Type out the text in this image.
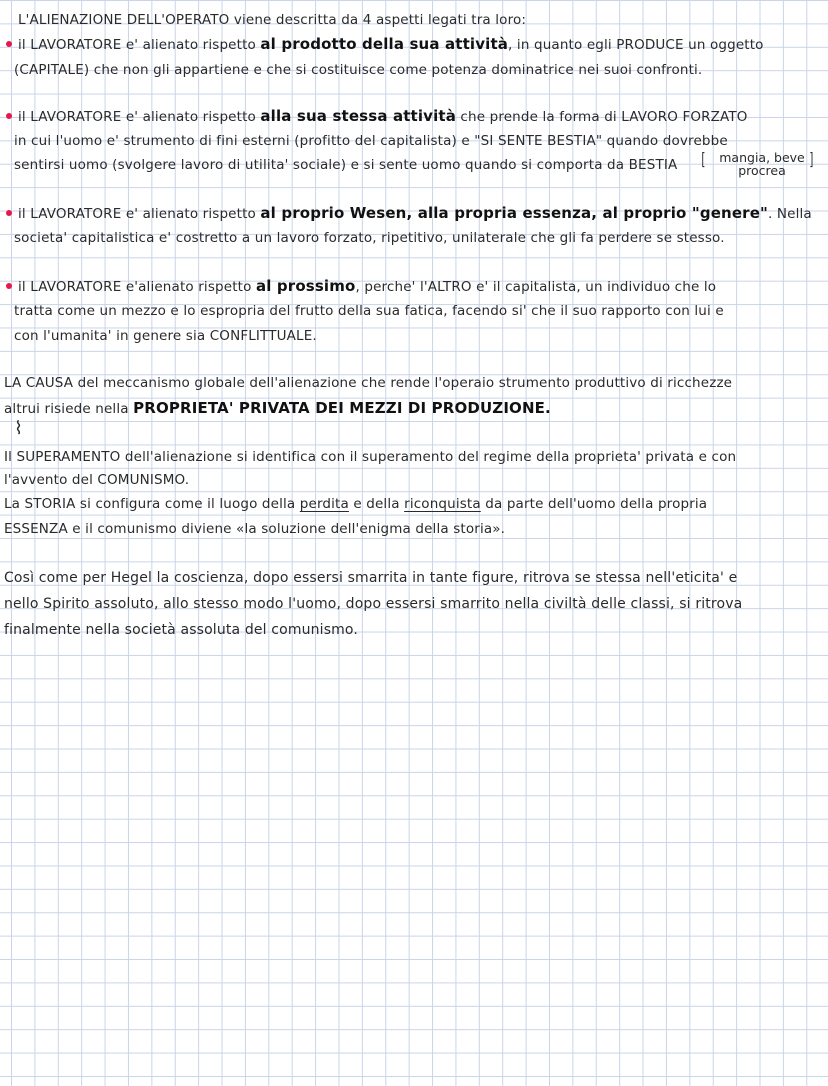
L'ALIENAZIONE DELL'OPERATO viene descritta da 4 aspetti legati tra loro:
il LAVORATORE e' alienato rispetto al prodotto della sua attività, in quanto egli PRODUCE un oggetto
(CAPITALE) che non gli appartiene e che si costituisce come potenza dominatrice nei suoi confronti.
il LAVORATORE e' alienato rispetto alla sua stessa attività che prende la forma di LAVORO FORZATO
in cui l'uomo e' strumento di fini esterni (profitto del capitalista) e "SI SENTE BESTIA" quando dovrebbe
sentirsi uomo (svolgere lavoro di utilita' sociale) e si sente uomo quando si comporta da BESTIA [	mangia, beve
procrea
]
il LAVORATORE e' alienato rispetto al proprio Wesen, alla propria essenza, al proprio "genere". Nella
societa' capitalistica e' costretto a un lavoro forzato, ripetitivo, unilaterale che gli fa perdere se stesso.
il LAVORATORE e'alienato rispetto al prossimo, perche' l'ALTRO e' il capitalista, un individuo che lo
tratta come un mezzo e lo espropria del frutto della sua fatica, facendo si' che il suo rapporto con lui e
con l'umanita' in genere sia CONFLITTUALE.
LA CAUSA del meccanismo globale dell'alienazione che rende l'operaio strumento produttivo di ricchezze
altrui risiede nella PROPRIETA' PRIVATA DEI MEZZI DI PRODUZIONE.
⌇
Il SUPERAMENTO dell'alienazione si identifica con il superamento del regime della proprieta' privata e con
l'avvento del COMUNISMO.
La STORIA si configura come il luogo della perdita e della riconquista da parte dell'uomo della propria
ESSENZA e il comunismo diviene «la soluzione dell'enigma della storia».
Così come per Hegel la coscienza, dopo essersi smarrita in tante figure, ritrova se stessa nell'eticita' e
nello Spirito assoluto, allo stesso modo l'uomo, dopo essersi smarrito nella civiltà delle classi, si ritrova
finalmente nella società assoluta del comunismo.
